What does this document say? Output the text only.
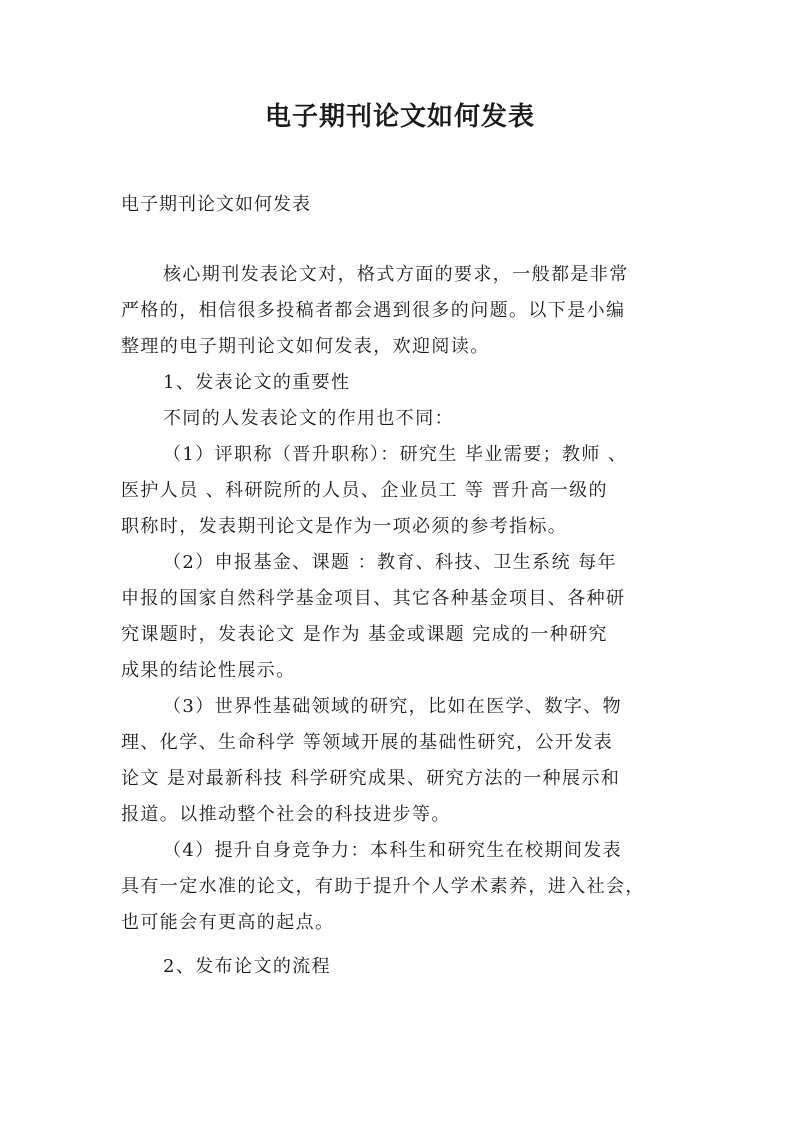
电子期刊论文如何发表

电子期刊论文如何发表

核心期刊发表论文对，格式方面的要求，一般都是非常

严格的，相信很多投稿者都会遇到很多的问题。以下是小编

整理的电子期刊论文如何发表，欢迎阅读。

1、发表论文的重要性

不同的人发表论文的作用也不同：

（1）评职称（晋升职称）：研究生 毕业需要；教师 、

医护人员 、科研院所的人员、企业员工 等 晋升高一级的

职称时，发表期刊论文是作为一项必须的参考指标。

（2）申报基金、课题 ：教育、科技、卫生系统 每年

申报的国家自然科学基金项目、其它各种基金项目、各种研

究课题时，发表论文 是作为 基金或课题 完成的一种研究

成果的结论性展示。

（3）世界性基础领域的研究，比如在医学、数字、物

理、化学、生命科学 等领域开展的基础性研究，公开发表

论文 是对最新科技 科学研究成果、研究方法的一种展示和

报道。以推动整个社会的科技进步等。

（4）提升自身竞争力：本科生和研究生在校期间发表

具有一定水准的论文，有助于提升个人学术素养，进入社会，

也可能会有更高的起点。

2、发布论文的流程
